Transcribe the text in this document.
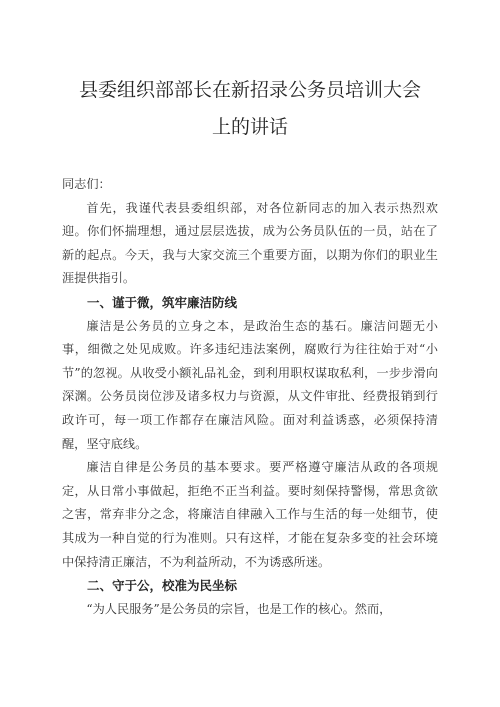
县委组织部部长在新招录公务员培训大会
上的讲话

同志们：

首先，我谨代表县委组织部，对各位新同志的加入表示热烈欢迎。你们怀揣理想，通过层层选拔，成为公务员队伍的一员，站在了新的起点。今天，我与大家交流三个重要方面，以期为你们的职业生涯提供指引。

一、谨于微，筑牢廉洁防线

廉洁是公务员的立身之本，是政治生态的基石。廉洁问题无小事，细微之处见成败。许多违纪违法案例，腐败行为往往始于对“小节”的忽视。从收受小额礼品礼金，到利用职权谋取私利，一步步滑向深渊。公务员岗位涉及诸多权力与资源，从文件审批、经费报销到行政许可，每一项工作都存在廉洁风险。面对利益诱惑，必须保持清醒，坚守底线。

廉洁自律是公务员的基本要求。要严格遵守廉洁从政的各项规定，从日常小事做起，拒绝不正当利益。要时刻保持警惕，常思贪欲之害，常弃非分之念，将廉洁自律融入工作与生活的每一处细节，使其成为一种自觉的行为准则。只有这样，才能在复杂多变的社会环境中保持清正廉洁，不为利益所动，不为诱惑所迷。

二、守于公，校准为民坐标

“为人民服务”是公务员的宗旨，也是工作的核心。然而，
